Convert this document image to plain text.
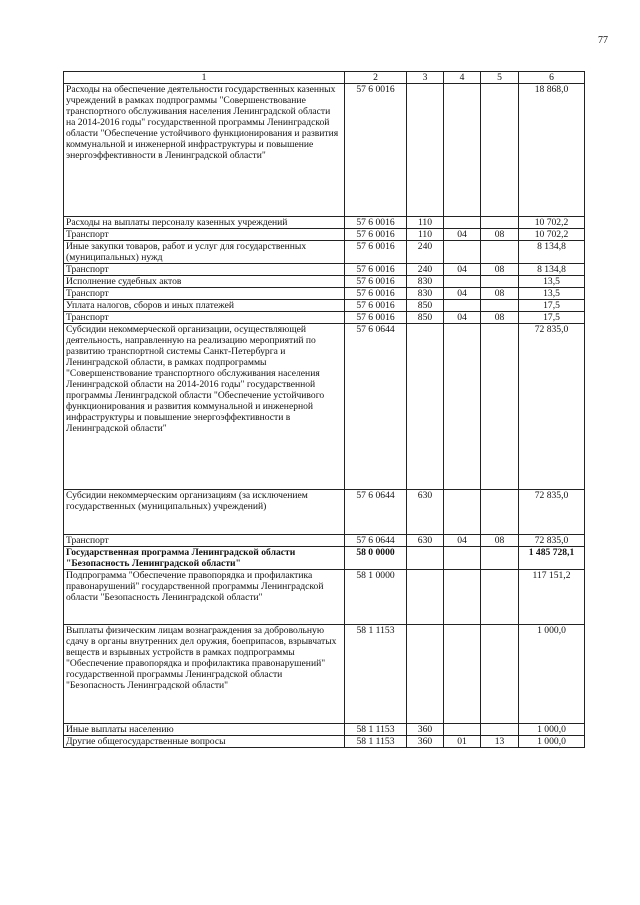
77
1	2	3	4	5	6
Расходы на обеспечение деятельности государственных казенных учреждений в рамках подпрограммы "Совершенствование транспортного обслуживания населения Ленинградской области на 2014-2016 годы" государственной программы Ленинградской области "Обеспечение устойчивого функционирования и развития коммунальной и инженерной инфраструктуры и повышение энергоэффективности в Ленинградской области"	57 6 0016				18 868,0
Расходы на выплаты персоналу казенных учреждений	57 6 0016	110			10 702,2
Транспорт	57 6 0016	110	04	08	10 702,2
Иные закупки товаров, работ и услуг для государственных (муниципальных) нужд	57 6 0016	240			8 134,8
Транспорт	57 6 0016	240	04	08	8 134,8
Исполнение судебных актов	57 6 0016	830			13,5
Транспорт	57 6 0016	830	04	08	13,5
Уплата налогов, сборов и иных платежей	57 6 0016	850			17,5
Транспорт	57 6 0016	850	04	08	17,5
Субсидии некоммерческой организации, осуществляющей деятельность, направленную на реализацию мероприятий по развитию транспортной системы Санкт-Петербурга и Ленинградской области, в рамках подпрограммы "Совершенствование транспортного обслуживания населения Ленинградской области на 2014-2016 годы" государственной программы Ленинградской области "Обеспечение устойчивого функционирования и развития коммунальной и инженерной инфраструктуры и повышение энергоэффективности в Ленинградской области"	57 6 0644				72 835,0
Субсидии некоммерческим организациям (за исключением государственных (муниципальных) учреждений)	57 6 0644	630			72 835,0
Транспорт	57 6 0644	630	04	08	72 835,0
Государственная программа Ленинградской области "Безопасность Ленинградской области"	58 0 0000				1 485 728,1
Подпрограмма "Обеспечение правопорядка и профилактика правонарушений" государственной программы Ленинградской области "Безопасность Ленинградской области"	58 1 0000				117 151,2
Выплаты физическим лицам вознаграждения за добровольную сдачу в органы внутренних дел оружия, боеприпасов, взрывчатых веществ и взрывных устройств в рамках подпрограммы "Обеспечение правопорядка и профилактика правонарушений" государственной программы Ленинградской области "Безопасность Ленинградской области"	58 1 1153				1 000,0
Иные выплаты населению	58 1 1153	360			1 000,0
Другие общегосударственные вопросы	58 1 1153	360	01	13	1 000,0
